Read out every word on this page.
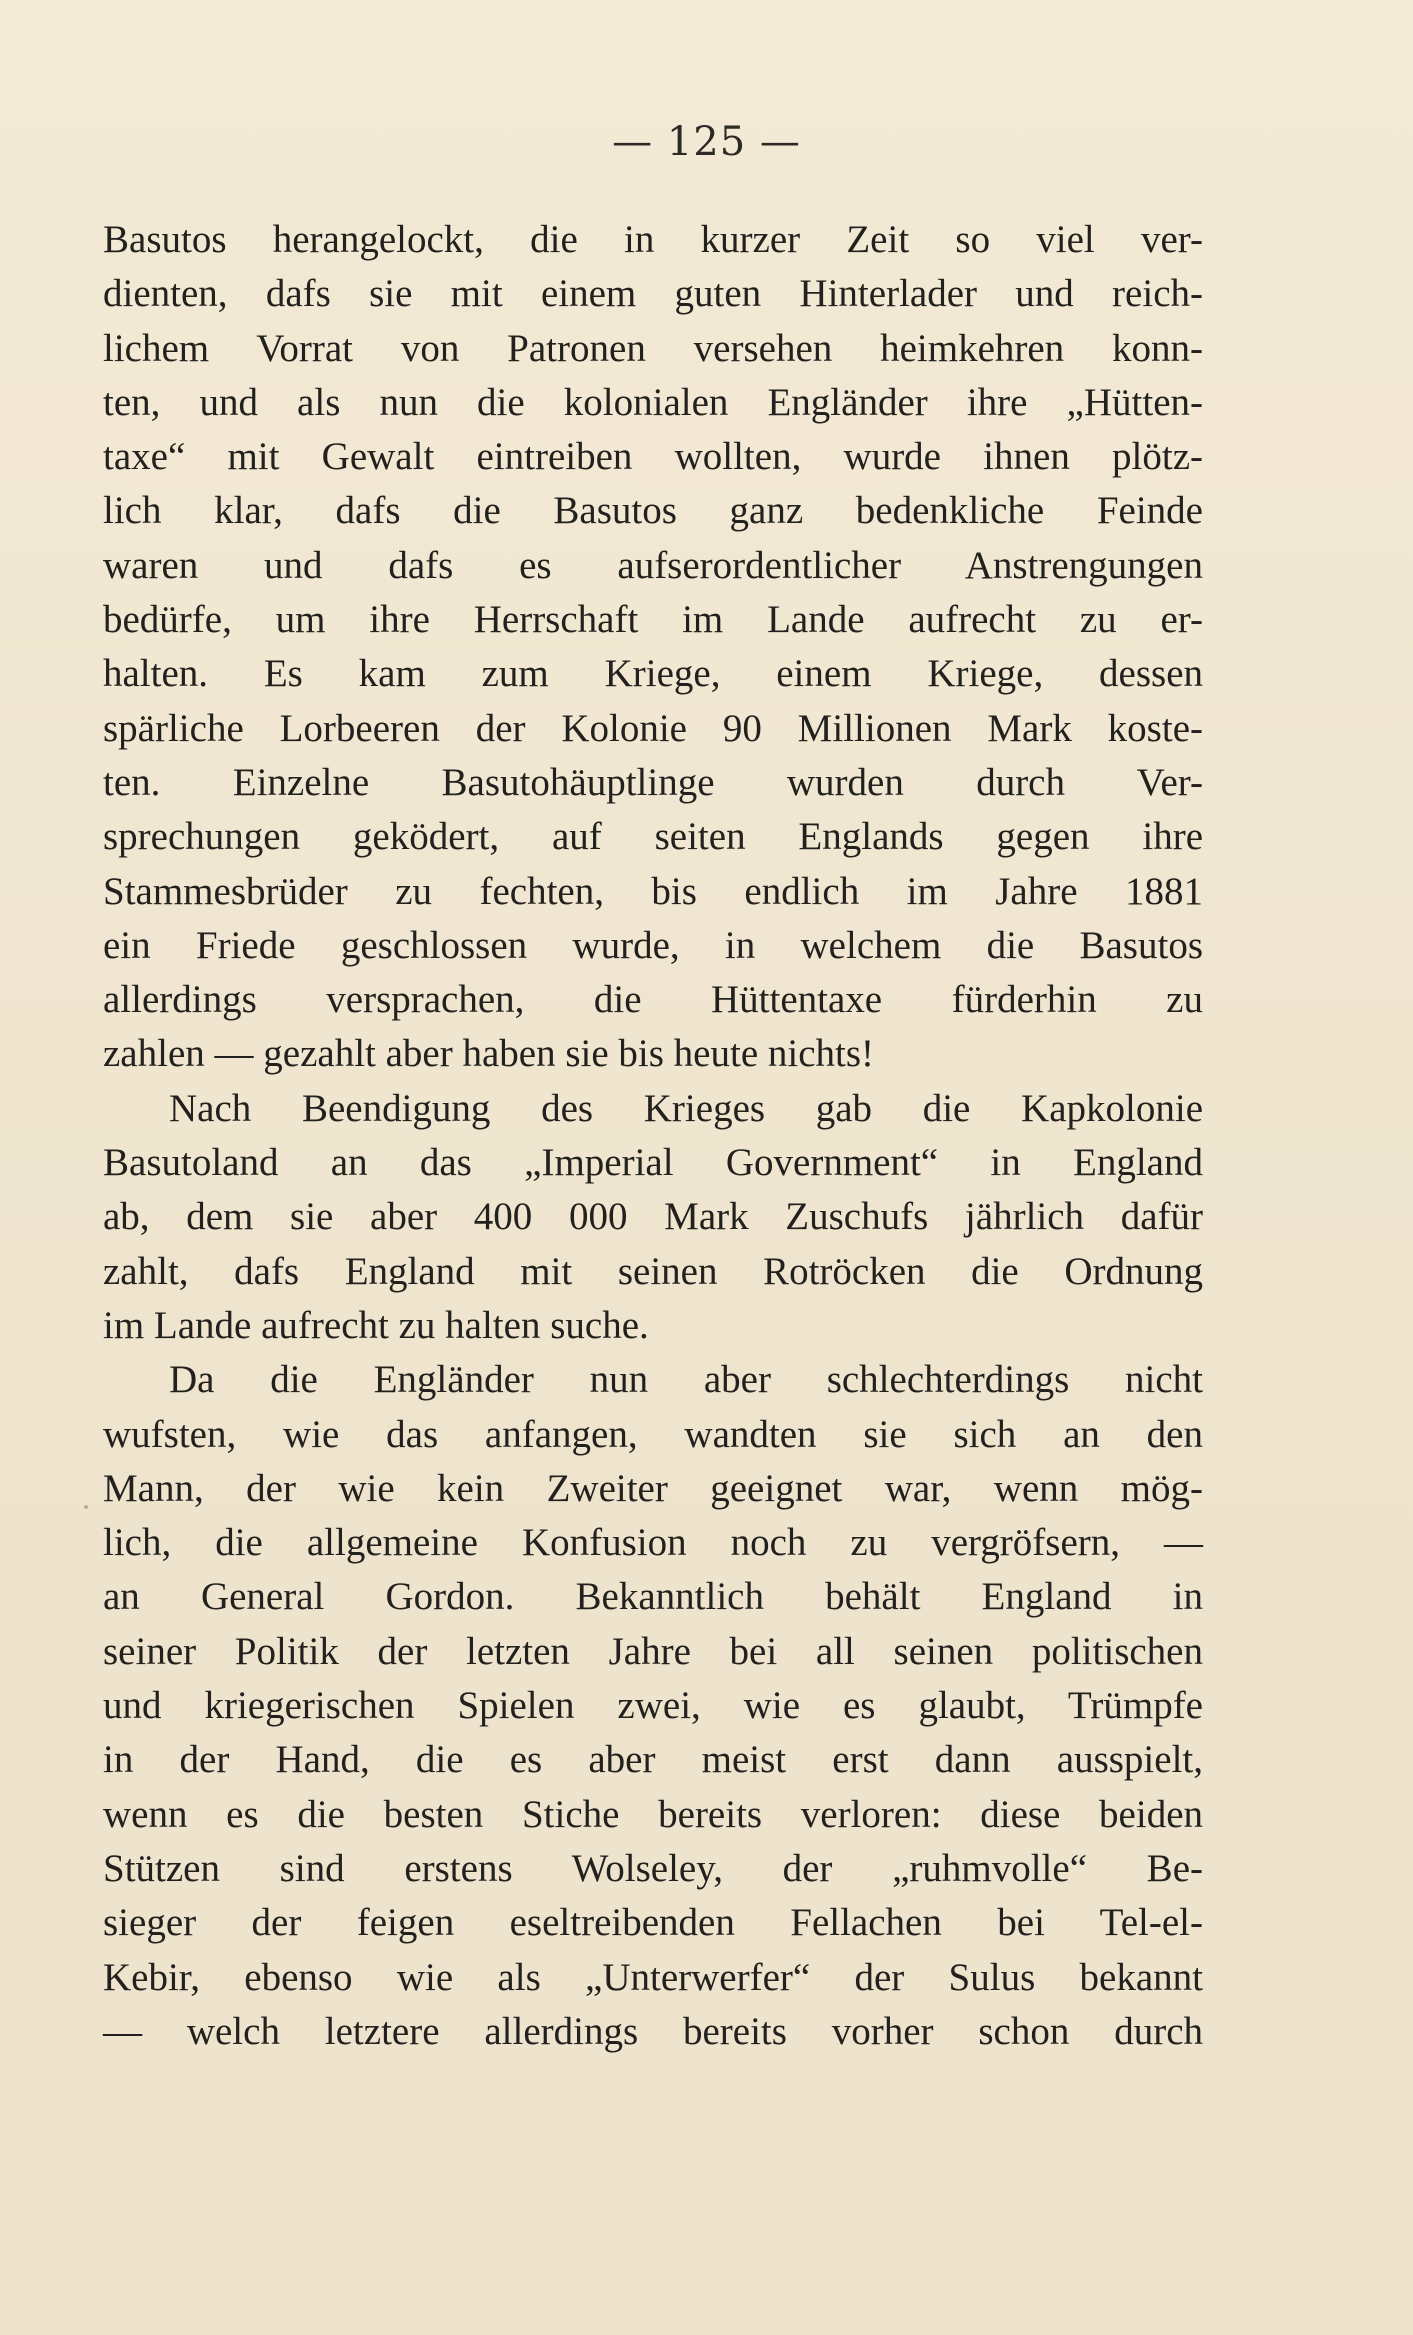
— 125 —
Basutos herangelockt, die in kurzer Zeit so viel ver-
dienten, dafs sie mit einem guten Hinterlader und reich-
lichem Vorrat von Patronen versehen heimkehren konn-
ten, und als nun die kolonialen Engländer ihre „Hütten-
taxe“ mit Gewalt eintreiben wollten, wurde ihnen plötz-
lich klar, dafs die Basutos ganz bedenkliche Feinde
waren und dafs es aufserordentlicher Anstrengungen
bedürfe, um ihre Herrschaft im Lande aufrecht zu er-
halten. Es kam zum Kriege, einem Kriege, dessen
spärliche Lorbeeren der Kolonie 90 Millionen Mark koste-
ten. Einzelne Basutohäuptlinge wurden durch Ver-
sprechungen geködert, auf seiten Englands gegen ihre
Stammesbrüder zu fechten, bis endlich im Jahre 1881
ein Friede geschlossen wurde, in welchem die Basutos
allerdings versprachen, die Hüttentaxe fürderhin zu
zahlen — gezahlt aber haben sie bis heute nichts!
Nach Beendigung des Krieges gab die Kapkolonie
Basutoland an das „Imperial Government“ in England
ab, dem sie aber 400 000 Mark Zuschufs jährlich dafür
zahlt, dafs England mit seinen Rotröcken die Ordnung
im Lande aufrecht zu halten suche.
Da die Engländer nun aber schlechterdings nicht
wufsten, wie das anfangen, wandten sie sich an den
Mann, der wie kein Zweiter geeignet war, wenn mög-
lich, die allgemeine Konfusion noch zu vergröfsern, —
an General Gordon. Bekanntlich behält England in
seiner Politik der letzten Jahre bei all seinen politischen
und kriegerischen Spielen zwei, wie es glaubt, Trümpfe
in der Hand, die es aber meist erst dann ausspielt,
wenn es die besten Stiche bereits verloren: diese beiden
Stützen sind erstens Wolseley, der „ruhmvolle“ Be-
sieger der feigen eseltreibenden Fellachen bei Tel-el-
Kebir, ebenso wie als „Unterwerfer“ der Sulus bekannt
— welch letztere allerdings bereits vorher schon durch
